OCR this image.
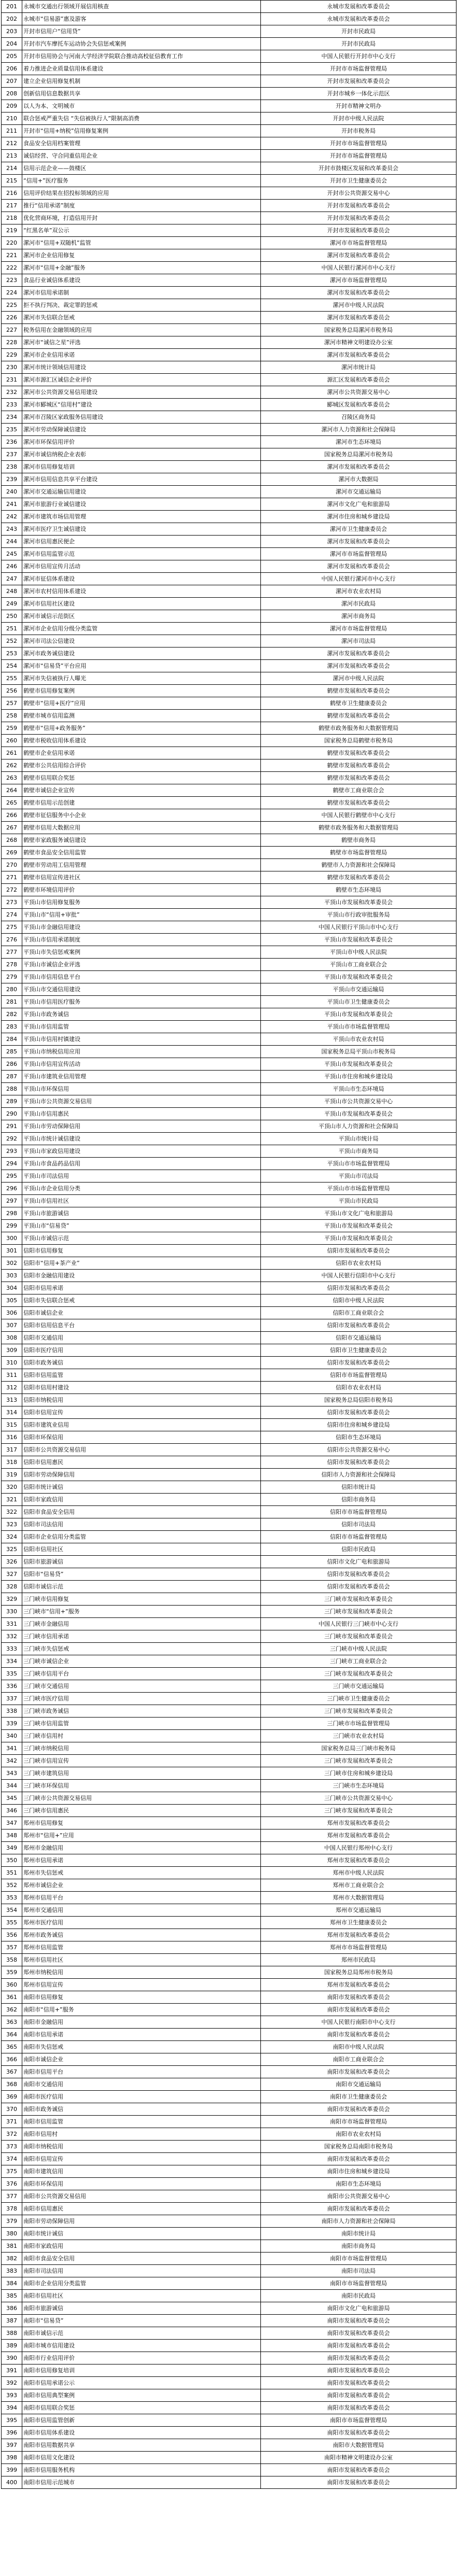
201	永城市交通出行领域开展信用核查	永城市发展和改革委员会
202	永城市“信易游”惠及游客	永城市发展和改革委员会
203	开封市信用户“信用贷”	开封市民政局
204	开封市汽车摩托车运动协会失信惩戒案例	开封市民政局
205	开封市信用协会与河南大学经济学院联合推动高校征信教育工作	中国人民银行开封市中心支行
206	着力推进企业质量信用体系建设	开封市市场监督管理局
207	建立企业信用修复机制	开封市发展和改革委员会
208	创新信用信息数据共享	开封市城乡一体化示范区
209	以人为本、文明城市	开封市精神文明办
210	联合惩戒严重失信 “失信被执行人”限制高消费	开封市中级人民法院
211	开封市“信用+纳税”信用修复案例	开封市税务局
212	食品安全信用档案管理	开封市市场监督管理局
213	诚信经营、守合同重信用企业	开封市市场监督管理局
214	信用示范企业——鼓楼区	开封市鼓楼区发展和改革委员会
215	“信用+”医疗服务	开封市卫生健康委员会
216	信用评价结果在招投标领域的应用	开封市公共资源交易中心
217	推行“信用承诺”制度	开封市发展和改革委员会
218	优化营商环境，打造信用开封	开封市发展和改革委员会
219	“红黑名单”双公示	开封市发展和改革委员会
220	漯河市“信用+双随机”监管	漯河市市场监督管理局
221	漯河市企业信用修复	漯河市发展和改革委员会
222	漯河市“信用+金融”服务	中国人民银行漯河市中心支行
223	食品行业诚信体系建设	漯河市市场监督管理局
224	漯河市信用承诺制	漯河市发展和改革委员会
225	拒不执行判决、裁定罪的惩戒	漯河市中级人民法院
226	漯河市失信联合惩戒	漯河市发展和改革委员会
227	税务信用在金融领域的应用	国家税务总局漯河市税务局
228	漯河市“诚信之星”评选	漯河市精神文明建设办公室
229	漯河市企业信用承诺	漯河市发展和改革委员会
230	漯河市统计领域信用建设	漯河市统计局
231	漯河市源汇区诚信企业评价	源汇区发展和改革委员会
232	漯河市公共资源交易信用建设	漯河市公共资源交易中心
233	漯河市郾城区“信用村”建设	郾城区发展和改革委员会
234	漯河市召陵区家政服务信用建设	召陵区商务局
235	漯河市劳动保障诚信建设	漯河市人力资源和社会保障局
236	漯河市环保信用评价	漯河市生态环境局
237	漯河市诚信纳税企业表彰	国家税务总局漯河市税务局
238	漯河市信用修复培训	漯河市发展和改革委员会
239	漯河市信用信息共享平台建设	漯河市大数据局
240	漯河市交通运输信用建设	漯河市交通运输局
241	漯河市旅游行业诚信建设	漯河市文化广电和旅游局
242	漯河市建筑市场信用管理	漯河市住房和城乡建设局
243	漯河市医疗卫生诚信建设	漯河市卫生健康委员会
244	漯河市信用惠民便企	漯河市发展和改革委员会
245	漯河市信用监管示范	漯河市市场监督管理局
246	漯河市信用宣传月活动	漯河市发展和改革委员会
247	漯河市征信体系建设	中国人民银行漯河市中心支行
248	漯河市农村信用体系建设	漯河市农业农村局
249	漯河市信用社区建设	漯河市民政局
250	漯河市诚信示范街区	漯河市商务局
251	漯河市企业信用分级分类监管	漯河市市场监督管理局
252	漯河市司法公信建设	漯河市司法局
253	漯河市政务诚信建设	漯河市发展和改革委员会
254	漯河市“信易贷”平台应用	漯河市发展和改革委员会
255	漯河市失信被执行人曝光	漯河市中级人民法院
256	鹤壁市信用修复案例	鹤壁市发展和改革委员会
257	鹤壁市“信用+医疗”应用	鹤壁市卫生健康委员会
258	鹤壁市城市信用监测	鹤壁市发展和改革委员会
259	鹤壁市“信用+政务服务”	鹤壁市政务服务和大数据管理局
260	鹤壁市税收信用体系建设	国家税务总局鹤壁市税务局
261	鹤壁市企业信用承诺	鹤壁市发展和改革委员会
262	鹤壁市公共信用综合评价	鹤壁市发展和改革委员会
263	鹤壁市信用联合奖惩	鹤壁市发展和改革委员会
264	鹤壁市诚信企业宣传	鹤壁市工商业联合会
265	鹤壁市信用示范创建	鹤壁市发展和改革委员会
266	鹤壁市征信服务中小企业	中国人民银行鹤壁市中心支行
267	鹤壁市信用大数据应用	鹤壁市政务服务和大数据管理局
268	鹤壁市家政服务诚信建设	鹤壁市商务局
269	鹤壁市食品安全信用监管	鹤壁市市场监督管理局
270	鹤壁市劳动用工信用管理	鹤壁市人力资源和社会保障局
271	鹤壁市信用宣传进社区	鹤壁市发展和改革委员会
272	鹤壁市环境信用评价	鹤壁市生态环境局
273	平顶山市信用修复服务	平顶山市发展和改革委员会
274	平顶山市“信用+审批”	平顶山市行政审批服务局
275	平顶山市金融信用建设	中国人民银行平顶山市中心支行
276	平顶山市信用承诺制度	平顶山市发展和改革委员会
277	平顶山市失信惩戒案例	平顶山市中级人民法院
278	平顶山市诚信企业评选	平顶山市工商业联合会
279	平顶山市信用信息平台	平顶山市发展和改革委员会
280	平顶山市交通信用建设	平顶山市交通运输局
281	平顶山市信用医疗服务	平顶山市卫生健康委员会
282	平顶山市政务诚信	平顶山市发展和改革委员会
283	平顶山市信用监管	平顶山市市场监督管理局
284	平顶山市信用村镇建设	平顶山市农业农村局
285	平顶山市纳税信用应用	国家税务总局平顶山市税务局
286	平顶山市信用宣传活动	平顶山市发展和改革委员会
287	平顶山市建筑业信用管理	平顶山市住房和城乡建设局
288	平顶山市环保信用	平顶山市生态环境局
289	平顶山市公共资源交易信用	平顶山市公共资源交易中心
290	平顶山市信用惠民	平顶山市发展和改革委员会
291	平顶山市劳动保障信用	平顶山市人力资源和社会保障局
292	平顶山市统计诚信建设	平顶山市统计局
293	平顶山市家政信用建设	平顶山市商务局
294	平顶山市食品药品信用	平顶山市市场监督管理局
295	平顶山市司法信用	平顶山市司法局
296	平顶山市企业信用分类	平顶山市市场监督管理局
297	平顶山市信用社区	平顶山市民政局
298	平顶山市旅游诚信	平顶山市文化广电和旅游局
299	平顶山市“信易贷”	平顶山市发展和改革委员会
300	平顶山市诚信示范	平顶山市发展和改革委员会
301	信阳市信用修复	信阳市发展和改革委员会
302	信阳市“信用+茶产业”	信阳市农业农村局
303	信阳市金融信用建设	中国人民银行信阳市中心支行
304	信阳市信用承诺	信阳市发展和改革委员会
305	信阳市失信联合惩戒	信阳市中级人民法院
306	信阳市诚信企业	信阳市工商业联合会
307	信阳市信用信息平台	信阳市发展和改革委员会
308	信阳市交通信用	信阳市交通运输局
309	信阳市医疗信用	信阳市卫生健康委员会
310	信阳市政务诚信	信阳市发展和改革委员会
311	信阳市信用监管	信阳市市场监督管理局
312	信阳市信用村建设	信阳市农业农村局
313	信阳市纳税信用	国家税务总局信阳市税务局
314	信阳市信用宣传	信阳市发展和改革委员会
315	信阳市建筑业信用	信阳市住房和城乡建设局
316	信阳市环保信用	信阳市生态环境局
317	信阳市公共资源交易信用	信阳市公共资源交易中心
318	信阳市信用惠民	信阳市发展和改革委员会
319	信阳市劳动保障信用	信阳市人力资源和社会保障局
320	信阳市统计诚信	信阳市统计局
321	信阳市家政信用	信阳市商务局
322	信阳市食品安全信用	信阳市市场监督管理局
323	信阳市司法信用	信阳市司法局
324	信阳市企业信用分类监管	信阳市市场监督管理局
325	信阳市信用社区	信阳市民政局
326	信阳市旅游诚信	信阳市文化广电和旅游局
327	信阳市“信易贷”	信阳市发展和改革委员会
328	信阳市诚信示范	信阳市发展和改革委员会
329	三门峡市信用修复	三门峡市发展和改革委员会
330	三门峡市“信用+”服务	三门峡市发展和改革委员会
331	三门峡市金融信用	中国人民银行三门峡市中心支行
332	三门峡市信用承诺	三门峡市发展和改革委员会
333	三门峡市失信惩戒	三门峡市中级人民法院
334	三门峡市诚信企业	三门峡市工商业联合会
335	三门峡市信用平台	三门峡市发展和改革委员会
336	三门峡市交通信用	三门峡市交通运输局
337	三门峡市医疗信用	三门峡市卫生健康委员会
338	三门峡市政务诚信	三门峡市发展和改革委员会
339	三门峡市信用监管	三门峡市市场监督管理局
340	三门峡市信用村	三门峡市农业农村局
341	三门峡市纳税信用	国家税务总局三门峡市税务局
342	三门峡市信用宣传	三门峡市发展和改革委员会
343	三门峡市建筑信用	三门峡市住房和城乡建设局
344	三门峡市环保信用	三门峡市生态环境局
345	三门峡市公共资源交易信用	三门峡市公共资源交易中心
346	三门峡市信用惠民	三门峡市发展和改革委员会
347	郑州市信用修复	郑州市发展和改革委员会
348	郑州市“信用+”应用	郑州市发展和改革委员会
349	郑州市金融信用	中国人民银行郑州中心支行
350	郑州市信用承诺	郑州市发展和改革委员会
351	郑州市失信惩戒	郑州市中级人民法院
352	郑州市诚信企业	郑州市工商业联合会
353	郑州市信用平台	郑州市大数据管理局
354	郑州市交通信用	郑州市交通运输局
355	郑州市医疗信用	郑州市卫生健康委员会
356	郑州市政务诚信	郑州市发展和改革委员会
357	郑州市信用监管	郑州市市场监督管理局
358	郑州市信用社区	郑州市民政局
359	郑州市纳税信用	国家税务总局郑州市税务局
360	郑州市信用宣传	郑州市发展和改革委员会
361	南阳市信用修复	南阳市发展和改革委员会
362	南阳市“信用+”服务	南阳市发展和改革委员会
363	南阳市金融信用	中国人民银行南阳市中心支行
364	南阳市信用承诺	南阳市发展和改革委员会
365	南阳市失信惩戒	南阳市中级人民法院
366	南阳市诚信企业	南阳市工商业联合会
367	南阳市信用平台	南阳市发展和改革委员会
368	南阳市交通信用	南阳市交通运输局
369	南阳市医疗信用	南阳市卫生健康委员会
370	南阳市政务诚信	南阳市发展和改革委员会
371	南阳市信用监管	南阳市市场监督管理局
372	南阳市信用村	南阳市农业农村局
373	南阳市纳税信用	国家税务总局南阳市税务局
374	南阳市信用宣传	南阳市发展和改革委员会
375	南阳市建筑信用	南阳市住房和城乡建设局
376	南阳市环保信用	南阳市生态环境局
377	南阳市公共资源交易信用	南阳市公共资源交易中心
378	南阳市信用惠民	南阳市发展和改革委员会
379	南阳市劳动保障信用	南阳市人力资源和社会保障局
380	南阳市统计诚信	南阳市统计局
381	南阳市家政信用	南阳市商务局
382	南阳市食品安全信用	南阳市市场监督管理局
383	南阳市司法信用	南阳市司法局
384	南阳市企业信用分类监管	南阳市市场监督管理局
385	南阳市信用社区	南阳市民政局
386	南阳市旅游诚信	南阳市文化广电和旅游局
387	南阳市“信易贷”	南阳市发展和改革委员会
388	南阳市诚信示范	南阳市发展和改革委员会
389	南阳市城市信用建设	南阳市发展和改革委员会
390	南阳市行业信用评价	南阳市发展和改革委员会
391	南阳市信用修复培训	南阳市发展和改革委员会
392	南阳市信用承诺公示	南阳市发展和改革委员会
393	南阳市信用典型案例	南阳市发展和改革委员会
394	南阳市信用联合奖惩	南阳市发展和改革委员会
395	南阳市信用监管创新	南阳市市场监督管理局
396	南阳市信用体系建设	南阳市发展和改革委员会
397	南阳市信用数据共享	南阳市大数据管理局
398	南阳市信用文化建设	南阳市精神文明建设办公室
399	南阳市信用服务机构	南阳市发展和改革委员会
400	南阳市信用示范城市	南阳市发展和改革委员会
